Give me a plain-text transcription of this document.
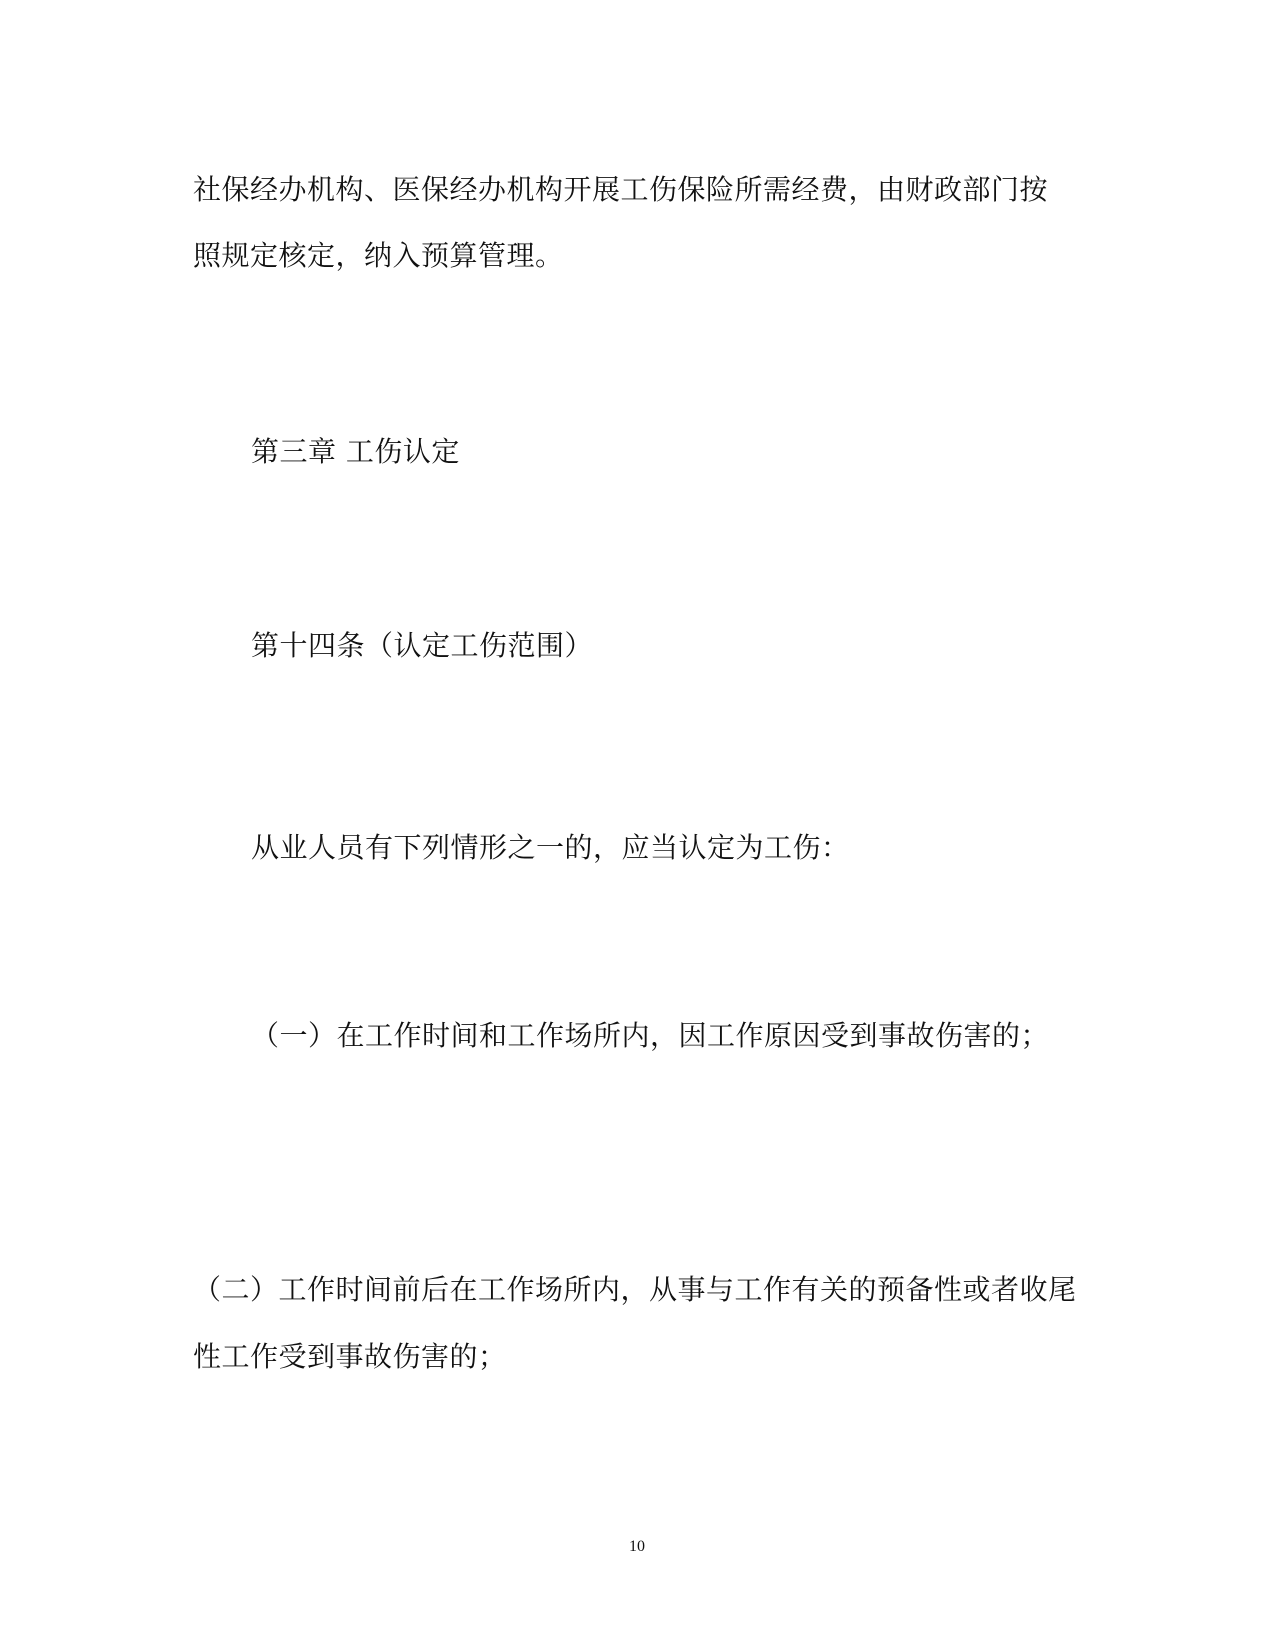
社保经办机构、医保经办机构开展工伤保险所需经费，由财政部门按
照规定核定，纳入预算管理。
第三章 工伤认定
第十四条（认定工伤范围）
从业人员有下列情形之一的，应当认定为工伤：
（一）在工作时间和工作场所内，因工作原因受到事故伤害的；
（二）工作时间前后在工作场所内，从事与工作有关的预备性或者收尾
性工作受到事故伤害的；
10
